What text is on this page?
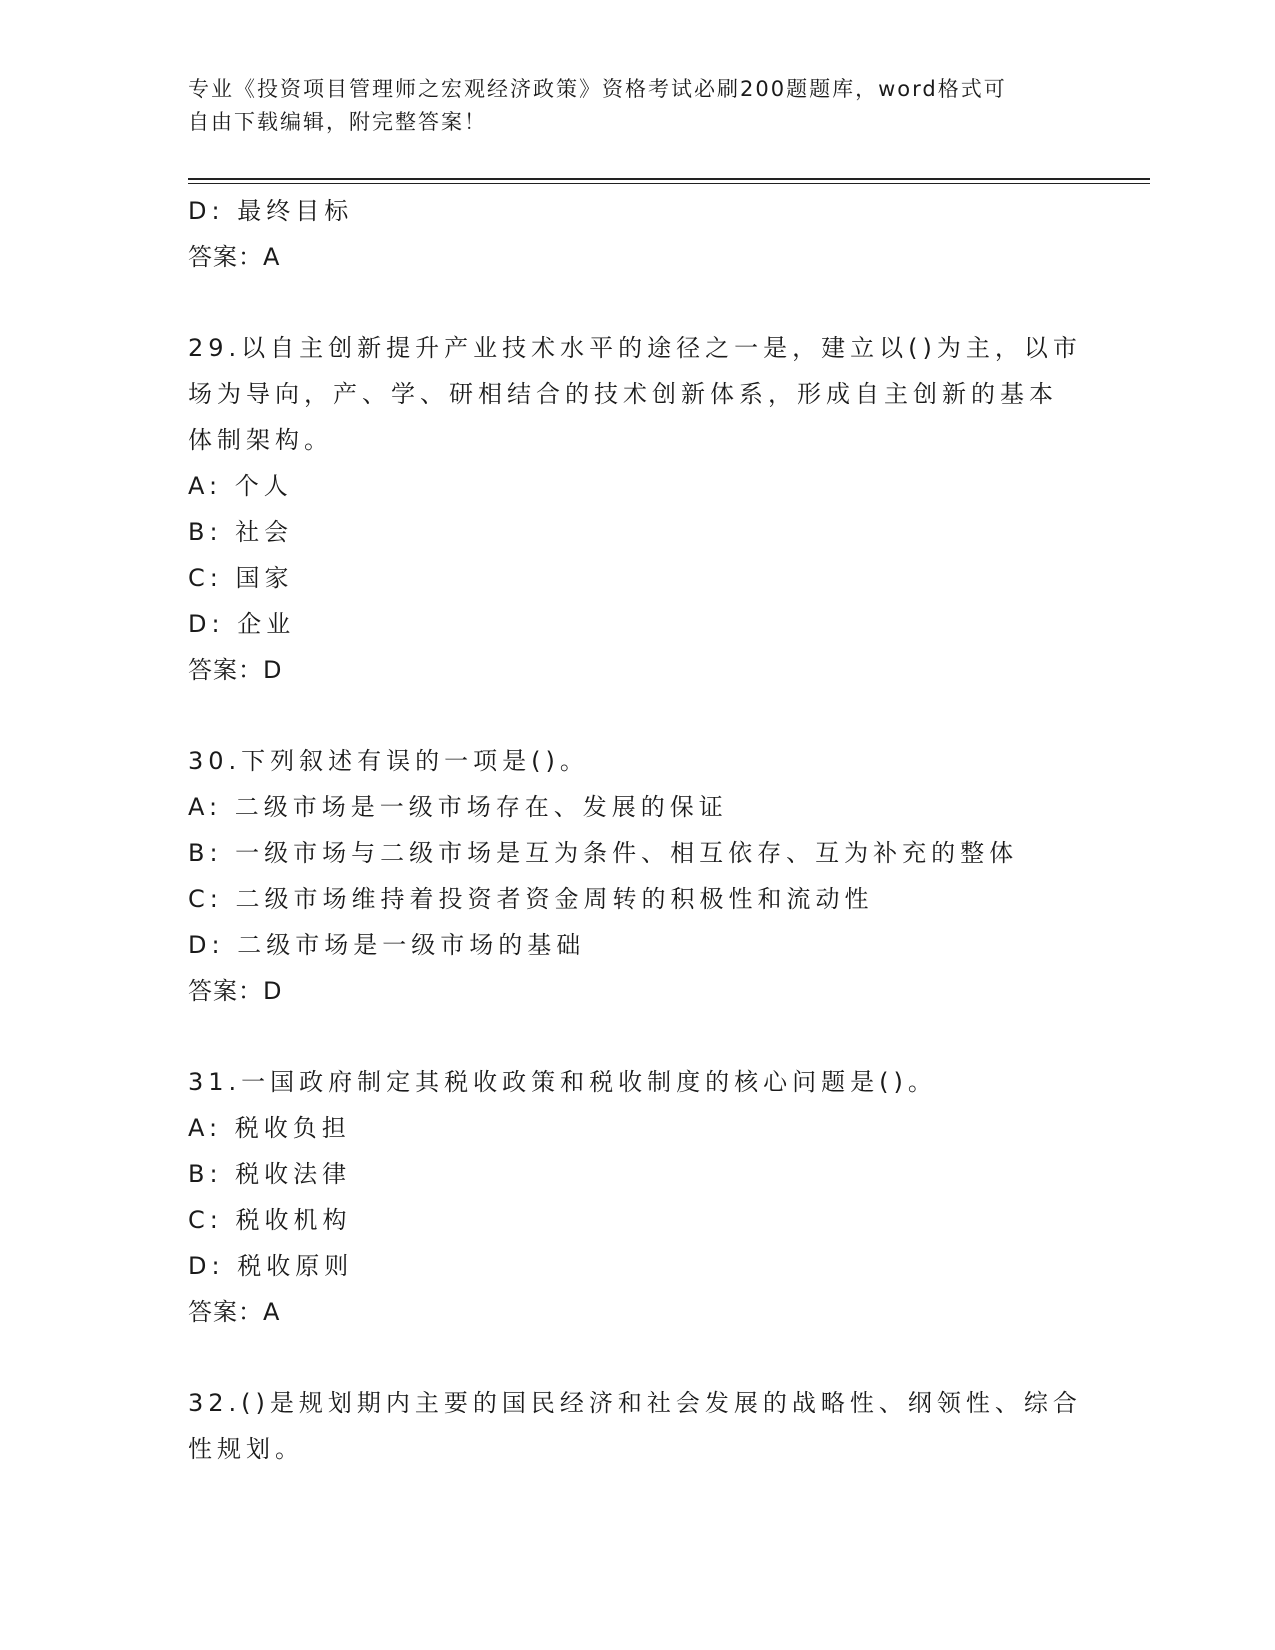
专业《投资项目管理师之宏观经济政策》资格考试必刷200题题库，word格式可
自由下载编辑，附完整答案！
D: 最终目标
答案：A
29.以自主创新提升产业技术水平的途径之一是，建立以()为主，以市
场为导向，产、学、研相结合的技术创新体系，形成自主创新的基本
体制架构。
A: 个人
B: 社会
C: 国家
D: 企业
答案：D
30.下列叙述有误的一项是()。
A: 二级市场是一级市场存在、发展的保证
B: 一级市场与二级市场是互为条件、相互依存、互为补充的整体
C: 二级市场维持着投资者资金周转的积极性和流动性
D: 二级市场是一级市场的基础
答案：D
31.一国政府制定其税收政策和税收制度的核心问题是()。
A: 税收负担
B: 税收法律
C: 税收机构
D: 税收原则
答案：A
32.()是规划期内主要的国民经济和社会发展的战略性、纲领性、综合
性规划。
